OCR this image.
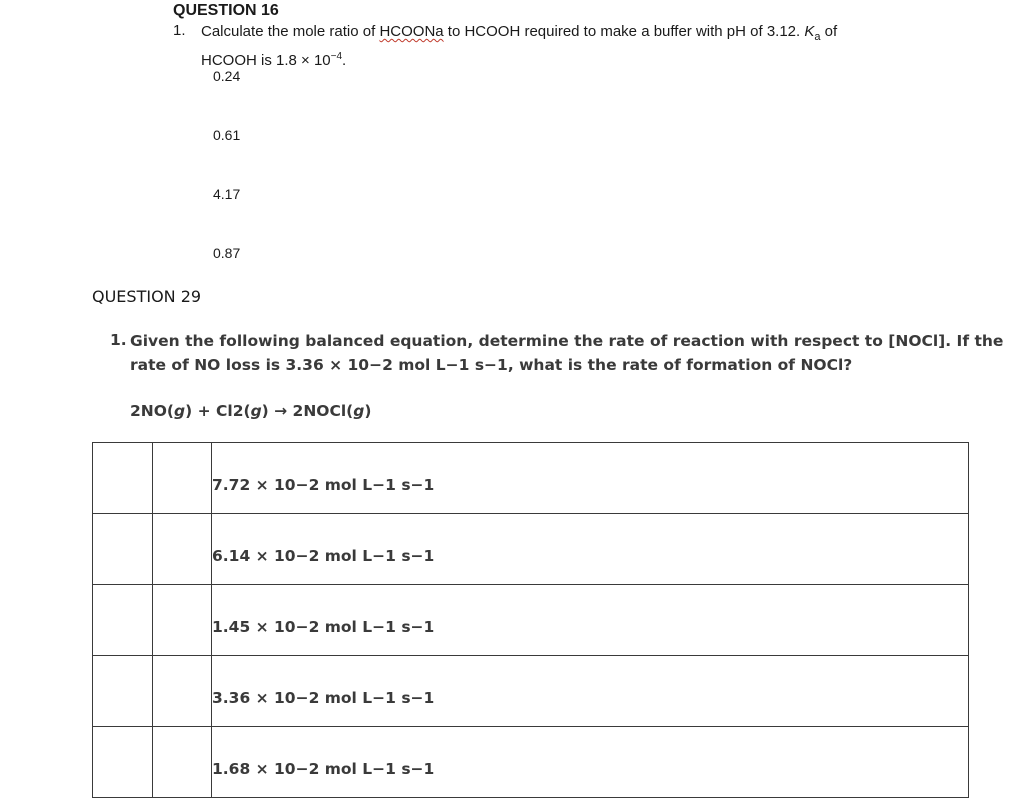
QUESTION 16
1. Calculate the mole ratio of HCOONa to HCOOH required to make a buffer with pH of 3.12. $K_a$ of
HCOOH is $1.8 \times 10^{-4}$.
0.24
0.61
4.17
0.87
QUESTION 29
1. Given the following balanced equation, determine the rate of reaction with respect to [NOCl]. If the rate of NO loss is 3.36 × 10−2 mol L−1 s−1, what is the rate of formation of NOCl?
2NO(g) + Cl2(g) → 2NOCl(g)

		7.72 × 10−2 mol L−1 s−1

		6.14 × 10−2 mol L−1 s−1

		1.45 × 10−2 mol L−1 s−1

		3.36 × 10−2 mol L−1 s−1

		1.68 × 10−2 mol L−1 s−1
